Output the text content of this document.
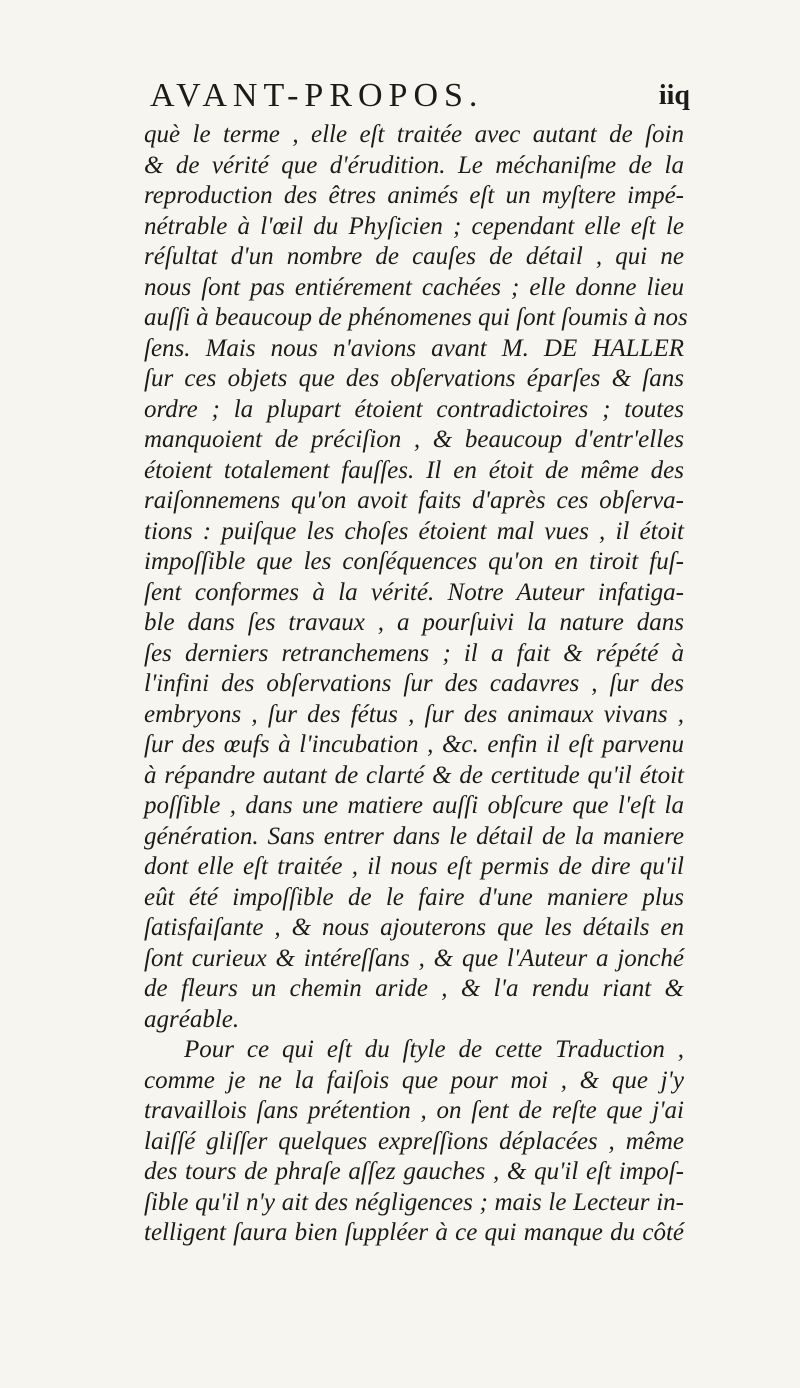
AVANT-PROPOS.	iiq
què le terme , elle eſt traitée avec autant de ſoin
& de vérité que d'érudition. Le méchaniſme de la
reproduction des êtres animés eſt un myſtere impé-
nétrable à l'œil du Phyſicien ; cependant elle eſt le
réſultat d'un nombre de cauſes de détail , qui ne
nous ſont pas entiérement cachées ; elle donne lieu
auſſi à beaucoup de phénomenes qui ſont ſoumis à nos
ſens. Mais nous n'avions avant M. DE HALLER
ſur ces objets que des obſervations éparſes & ſans
ordre ; la plupart étoient contradictoires ; toutes
manquoient de préciſion , & beaucoup d'entr'elles
étoient totalement fauſſes. Il en étoit de même des
raiſonnemens qu'on avoit faits d'après ces obſerva-
tions : puiſque les choſes étoient mal vues , il étoit
impoſſible que les conſéquences qu'on en tiroit fuſ-
ſent conformes à la vérité. Notre Auteur infatiga-
ble dans ſes travaux , a pourſuivi la nature dans
ſes derniers retranchemens ; il a fait & répété à
l'infini des obſervations ſur des cadavres , ſur des
embryons , ſur des fétus , ſur des animaux vivans ,
ſur des œufs à l'incubation , &c. enfin il eſt parvenu
à répandre autant de clarté & de certitude qu'il étoit
poſſible , dans une matiere auſſi obſcure que l'eſt la
génération. Sans entrer dans le détail de la maniere
dont elle eſt traitée , il nous eſt permis de dire qu'il
eût été impoſſible de le faire d'une maniere plus
ſatisfaiſante , & nous ajouterons que les détails en
ſont curieux & intéreſſans , & que l'Auteur a jonché
de fleurs un chemin aride , & l'a rendu riant &
agréable.
Pour ce qui eſt du ſtyle de cette Traduction ,
comme je ne la faiſois que pour moi , & que j'y
travaillois ſans prétention , on ſent de reſte que j'ai
laiſſé gliſſer quelques expreſſions déplacées , même
des tours de phraſe aſſez gauches , & qu'il eſt impoſ-
ſible qu'il n'y ait des négligences ; mais le Lecteur in-
telligent ſaura bien ſuppléer à ce qui manque du côté
